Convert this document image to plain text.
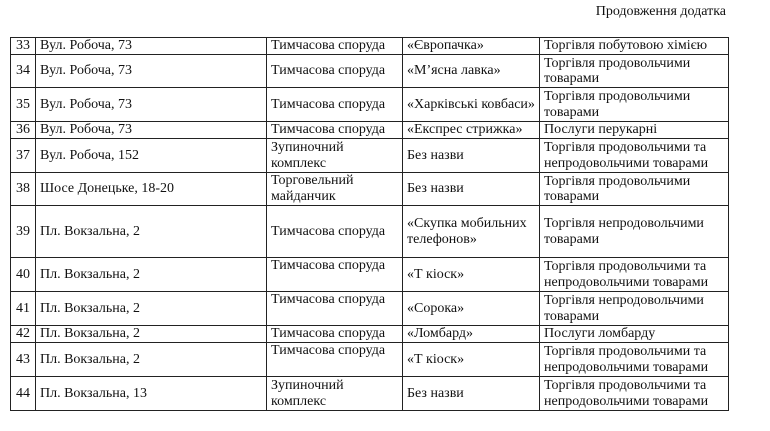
Продовження додатка
33	Вул. Робоча, 73	Тимчасова споруда	«Європачка»	Торгівля побутовою хімією
34	Вул. Робоча, 73	Тимчасова споруда	«М’ясна лавка»	Торгівля продовольчими товарами
35	Вул. Робоча, 73	Тимчасова споруда	«Харківські ковбаси»	Торгівля продовольчими товарами
36	Вул. Робоча, 73	Тимчасова споруда	«Експрес стрижка»	Послуги перукарні
37	Вул. Робоча, 152	Зупиночний комплекс	Без назви	Торгівля продовольчими та непродовольчими товарами
38	Шосе Донецьке, 18-20	Торговельний майданчик	Без назви	Торгівля продовольчими товарами
39	Пл. Вокзальна, 2	Тимчасова споруда	«Скупка мобильних телефонов»	Торгівля непродовольчими товарами
40	Пл. Вокзальна, 2	Тимчасова споруда	«Т кіоск»	Торгівля продовольчими та непродовольчими товарами
41	Пл. Вокзальна, 2	Тимчасова споруда	«Сорока»	Торгівля непродовольчими товарами
42	Пл. Вокзальна, 2	Тимчасова споруда	«Ломбард»	Послуги ломбарду
43	Пл. Вокзальна, 2	Тимчасова споруда	«Т кіоск»	Торгівля продовольчими та непродовольчими товарами
44	Пл. Вокзальна, 13	Зупиночний комплекс	Без назви	Торгівля продовольчими та непродовольчими товарами
